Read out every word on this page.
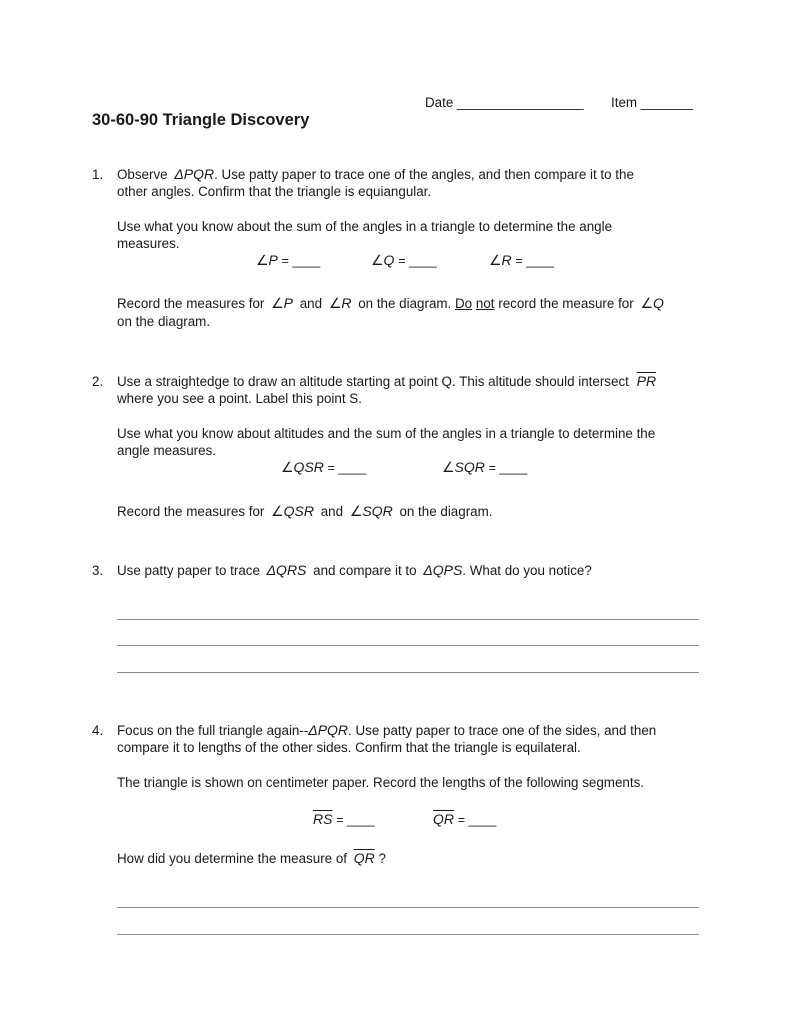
Date _________________ Item _______
30-60-90 Triangle Discovery
1. Observe ΔPQR. Use patty paper to trace one of the angles, and then compare it to the
other angles. Confirm that the triangle is equiangular.
Use what you know about the sum of the angles in a triangle to determine the angle
measures.
∠P = ____	∠Q = ____	∠R = ____
Record the measures for ∠P and ∠R on the diagram. Do not record the measure for ∠Q
on the diagram.
2. Use a straightedge to draw an altitude starting at point Q. This altitude should intersect $\overline{PR}$
where you see a point. Label this point S.
Use what you know about altitudes and the sum of the angles in a triangle to determine the
angle measures.
∠QSR = ____	∠SQR = ____
Record the measures for ∠QSR and ∠SQR on the diagram.
3. Use patty paper to trace ΔQRS and compare it to ΔQPS. What do you notice?
4. Focus on the full triangle again--ΔPQR. Use patty paper to trace one of the sides, and then
compare it to lengths of the other sides. Confirm that the triangle is equilateral.
The triangle is shown on centimeter paper. Record the lengths of the following segments.
$\overline{RS}$ = ____	$\overline{QR}$ = ____
How did you determine the measure of $\overline{QR}$ ?
